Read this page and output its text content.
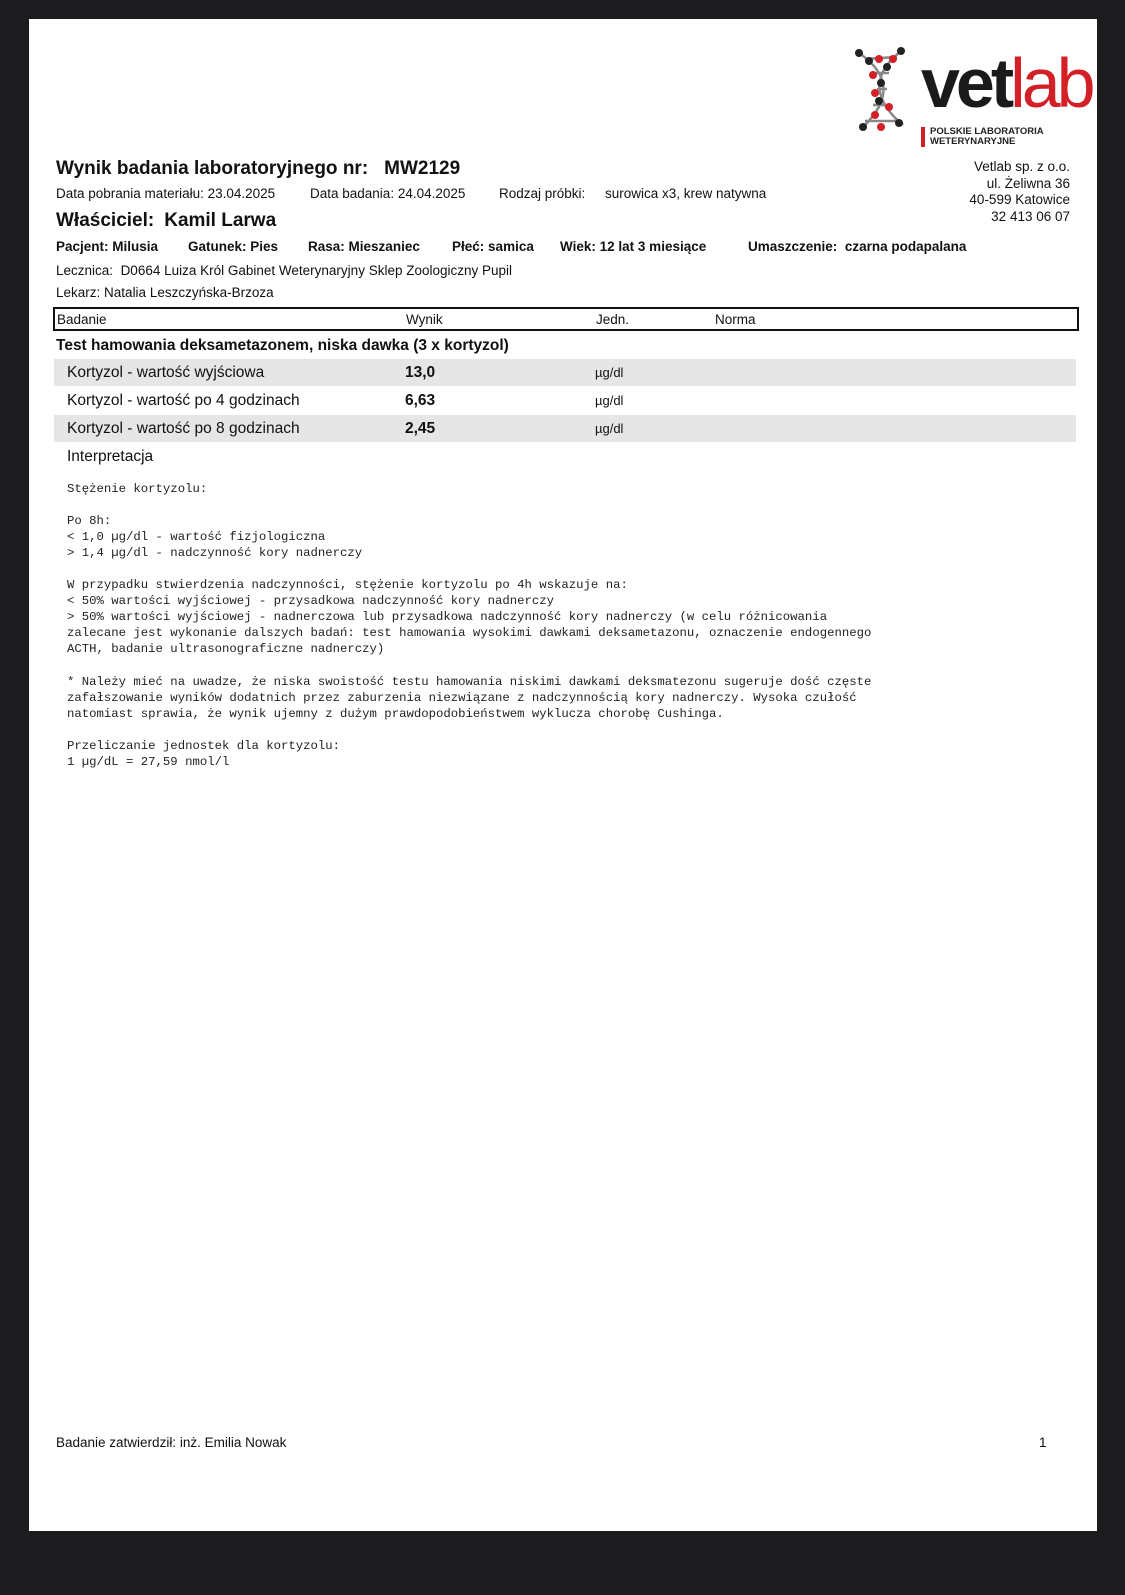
vetlab
POLSKIE LABORATORIA
WETERYNARYJNE
Vetlab sp. z o.o.
ul. Żeliwna 36
40-599 Katowice
32 413 06 07
Wynik badania laboratoryjnego nr: MW2129
Data pobrania materiału: 23.04.2025	Data badania: 24.04.2025 Rodzaj próbki: surowica x3, krew natywna
Właściciel: Kamil Larwa
Pacjent: Milusia Gatunek: Pies Rasa: Mieszaniec Płeć: samica Wiek: 12 lat 3 miesiące	Umaszczenie: czarna podapalana
Lecznica: D0664 Luiza Król Gabinet Weterynaryjny Sklep Zoologiczny Pupil
Lekarz: Natalia Leszczyńska-Brzoza
Badanie	Wynik	Jedn.	Norma
Test hamowania deksametazonem, niska dawka (3 x kortyzol)
Kortyzol - wartość wyjściowa	13,0	µg/dl
Kortyzol - wartość po 4 godzinach	6,63	µg/dl
Kortyzol - wartość po 8 godzinach	2,45	µg/dl
Interpretacja
Stężenie kortyzolu:

Po 8h:
< 1,0 µg/dl - wartość fizjologiczna
> 1,4 µg/dl - nadczynność kory nadnerczy

W przypadku stwierdzenia nadczynności, stężenie kortyzolu po 4h wskazuje na:
< 50% wartości wyjściowej - przysadkowa nadczynność kory nadnerczy
> 50% wartości wyjściowej - nadnerczowa lub przysadkowa nadczynność kory nadnerczy (w celu różnicowania
zalecane jest wykonanie dalszych badań: test hamowania wysokimi dawkami deksametazonu, oznaczenie endogennego
ACTH, badanie ultrasonograficzne nadnerczy)

* Należy mieć na uwadze, że niska swoistość testu hamowania niskimi dawkami deksmatezonu sugeruje dość częste
zafałszowanie wyników dodatnich przez zaburzenia niezwiązane z nadczynnością kory nadnerczy. Wysoka czułość
natomiast sprawia, że wynik ujemny z dużym prawdopodobieństwem wyklucza chorobę Cushinga.

Przeliczanie jednostek dla kortyzolu:
1 µg/dL = 27,59 nmol/l
Badanie zatwierdził: inż. Emilia Nowak	1
